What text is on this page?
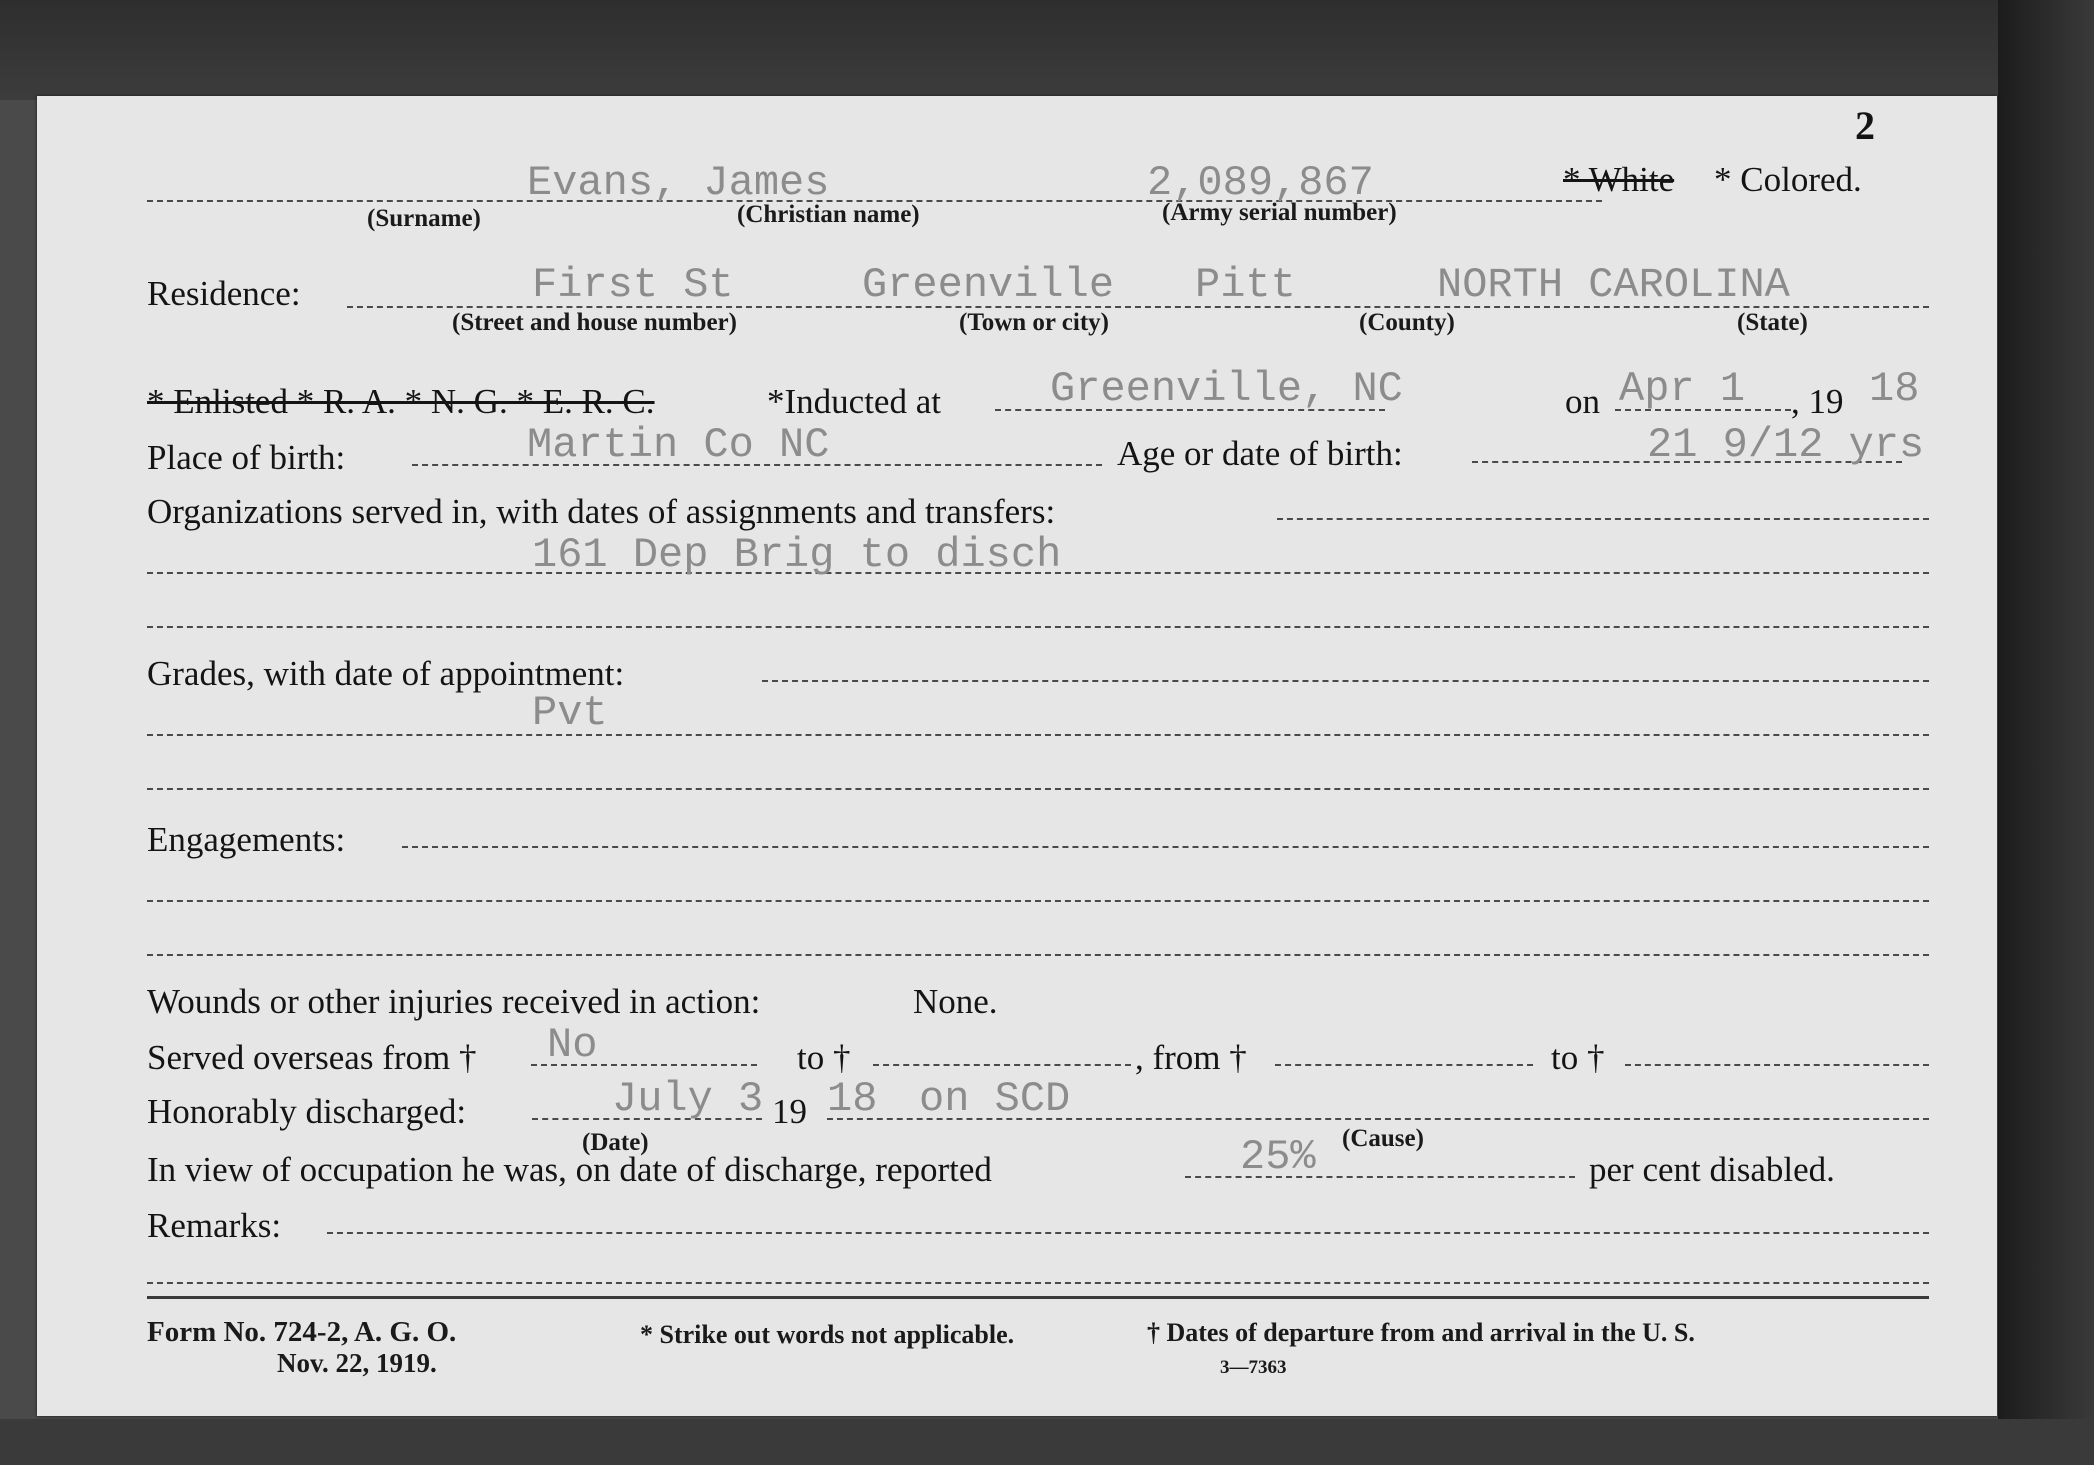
2
Evans, James	2,089,867
(Surname)	(Christian name)	(Army serial number)
* White * Colored.
Residence:	First St	Greenville Pitt	NORTH CAROLINA
(Street and house number)	(Town or city)	(County)	(State)
* Enlisted * R. A. * N. G. * E. R. C.	*Inducted at	Greenville, NC	on Apr 1 , 19 18
Place of birth:	Martin Co NC	Age or date of birth:	21 9/12 yrs
Organizations served in, with dates of assignments and transfers:
161 Dep Brig to disch
Grades, with date of appointment:
Pvt
Engagements:
Wounds or other injuries received in action:	None.
Served overseas from † No	to †	, from †	to †
Honorably discharged:	July 3 19 18 on SCD
(Date)	(Cause)
In view of occupation he was, on date of discharge, reported	25%	per cent disabled.
Remarks:
Form No. 724-2, A. G. O.
Nov. 22, 1919.
* Strike out words not applicable.	† Dates of departure from and arrival in the U. S.
3—7363
